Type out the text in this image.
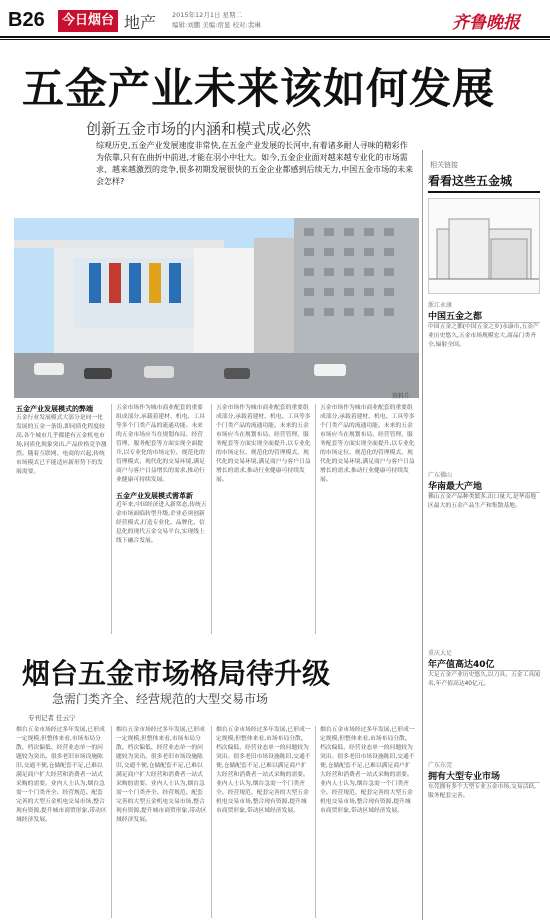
B26	今日烟台 地产 2015年12月1日 星期二
编辑:刘鹏 美编:宿显 校对:裴琳	齐鲁晚报
五金产业未来该如何发展
创新五金市场的内涵和模式成必然
综观历史,五金产业发展速度非常快,在五金产业发展的长河中,有着诸多耐人寻味的精彩作为依靠,只有在曲折中前进,才能在羽小中壮大。如今,五金企业面对越来越专业化的市场需求、越来越激烈的竞争,很多初期发展很快的五金企业都感到后续无力,中国五金市场的未来会怎样?
资料片
五金产业发展模式的弊端
五金行业发展模式大部分是同一化发展的五金一条街,即同质化程度较高,各个城市几乎都建有五金机电市场,同质化现象突出,产品价格竞争激烈。随着互联网、电商的兴起,传统市场模式已不能适应新形势下的发展需要。
五金市场作为城市商业配套的重要组成部分,承载着建材、机电、工具等多个门类产品的流通功能。未来的五金市场应当在规划布局、经营管理、服务配套等方面实现全面提升,以专业化的市场定位、规范化的管理模式、现代化的交易环境,满足商户与客户日益增长的需求,推动行业健康可持续发展。
五金产业发展模式需革新
近年来,中国经济进入新常态,传统五金市场面临转型升级,企业必须创新经营模式,打造专业化、品牌化、信息化的现代五金交易平台,实现线上线下融合发展。
五金市场作为城市商业配套的重要组成部分,承载着建材、机电、工具等多个门类产品的流通功能。未来的五金市场应当在规划布局、经营管理、服务配套等方面实现全面提升,以专业化的市场定位、规范化的管理模式、现代化的交易环境,满足商户与客户日益增长的需求,推动行业健康可持续发展。
五金市场作为城市商业配套的重要组成部分,承载着建材、机电、工具等多个门类产品的流通功能。未来的五金市场应当在规划布局、经营管理、服务配套等方面实现全面提升,以专业化的市场定位、规范化的管理模式、现代化的交易环境,满足商户与客户日益增长的需求,推动行业健康可持续发展。
烟台五金市场格局待升级
急需门类齐全、经营规范的大型交易市场
专刊记者 任云宁
烟台五金市场经过多年发展,已形成一定规模,但整体来看,市场布局分散、档次偏低、经营业态单一的问题较为突出。很多老旧市场设施陈旧,交通不便,仓储配套不足,已难以满足商户扩大经营和消费者一站式采购的需要。业内人士认为,烟台急需一个门类齐全、经营规范、配套完善的大型五金机电交易市场,整合现有资源,提升城市商贸形象,带动区域经济发展。
烟台五金市场经过多年发展,已形成一定规模,但整体来看,市场布局分散、档次偏低、经营业态单一的问题较为突出。很多老旧市场设施陈旧,交通不便,仓储配套不足,已难以满足商户扩大经营和消费者一站式采购的需要。业内人士认为,烟台急需一个门类齐全、经营规范、配套完善的大型五金机电交易市场,整合现有资源,提升城市商贸形象,带动区域经济发展。
烟台五金市场经过多年发展,已形成一定规模,但整体来看,市场布局分散、档次偏低、经营业态单一的问题较为突出。很多老旧市场设施陈旧,交通不便,仓储配套不足,已难以满足商户扩大经营和消费者一站式采购的需要。业内人士认为,烟台急需一个门类齐全、经营规范、配套完善的大型五金机电交易市场,整合现有资源,提升城市商贸形象,带动区域经济发展。
烟台五金市场经过多年发展,已形成一定规模,但整体来看,市场布局分散、档次偏低、经营业态单一的问题较为突出。很多老旧市场设施陈旧,交通不便,仓储配套不足,已难以满足商户扩大经营和消费者一站式采购的需要。业内人士认为,烟台急需一个门类齐全、经营规范、配套完善的大型五金机电交易市场,整合现有资源,提升城市商贸形象,带动区域经济发展。
相关链接
看看这些五金城
浙江永康
中国五金之都
中国五金之都(中国五金之乡)永康市,五金产业历史悠久,五金市场规模宏大,商品门类齐全,辐射全国。
广东佛山
华南最大产地
佛山五金产品种类繁多,出口量大,是华南地区最大的五金产品生产和集散基地。
重庆大足
年产值高达40亿
大足五金产业历史悠久,以刀具、五金工具闻名,年产值高达40亿元。
广东东莞
拥有大型专业市场
东莞拥有多个大型专业五金市场,交易活跃,服务配套完善。
